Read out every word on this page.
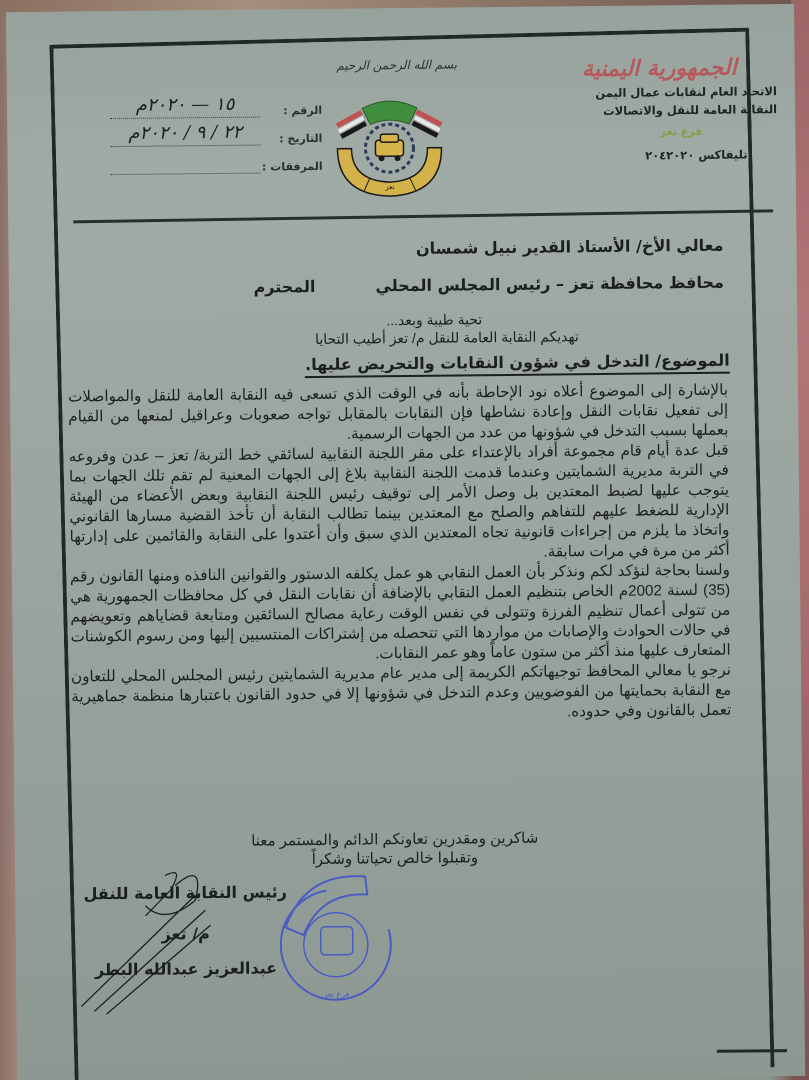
الجمهورية اليمنية
الاتحاد العام لنقابات عمال اليمن
النقابة العامة للنقل والاتصالات
فرع تعز
تليفاكس ٢٠٤٢٠٢٠
بسم الله الرحمن الرحيم
تعز
الرقم :
١٥ — ٢٠٢٠م
التاريخ :
٢٢ / ٩ / ٢٠٢٠م
المرفقات :
معالي الأخ/ الأستاذ القدير نبيل شمسان
محافظ محافظة تعز – رئيس المجلس المحلي
المحترم
تحية طيبة وبعد...
تهديكم النقابة العامة للنقل م/ تعز أطيب التحايا
الموضوع/ التدخل في شؤون النقابات والتحريض عليها.

بالإشارة إلى الموضوع أعلاه نود الإحاطة بأنه في الوقت الذي تسعى فيه النقابة العامة للنقل والمواصلات إلى تفعيل نقابات النقل وإعادة نشاطها فإن النقابات بالمقابل تواجه صعوبات وعراقيل لمنعها من القيام بعملها بسبب التدخل في شؤونها من عدد من الجهات الرسمية.

قبل عدة أيام قام مجموعة أفراد بالإعتداء على مقر اللجنة النقابية لسائقي خط التربة/ تعز – عدن وفروعه في التربة مديرية الشمايتين وعندما قدمت اللجنة النقابية بلاغ إلى الجهات المعنية لم تقم تلك الجهات بما يتوجب عليها لضبط المعتدين بل وصل الأمر إلى توقيف رئيس اللجنة النقابية وبعض الأعضاء من الهيئة الإدارية للضغط عليهم للتفاهم والصلح مع المعتدين بينما تطالب النقابة أن تأخذ القضية مسارها القانوني واتخاذ ما يلزم من إجراءات قانونية تجاه المعتدين الذي سبق وأن أعتدوا على النقابة والقائمين على إدارتها أكثر من مرة في مرات سابقة.

ولسنا بحاجة لنؤكد لكم ونذكر بأن العمل النقابي هو عمل يكلفه الدستور والقوانين النافذه ومنها القانون رقم (35) لسنة 2002م الخاص بتنظيم العمل النقابي بالإضافة أن نقابات النقل في كل محافظات الجمهورية هي من تتولى أعمال تنظيم الفرزة وتتولى في نفس الوقت رعاية مصالح السائقين ومتابعة قضاياهم وتعويضهم في حالات الحوادث والإصابات من مواردها التي تتحصله من إشتراكات المنتسبين إليها ومن رسوم الكوشنات المتعارف عليها منذ أكثر من ستون عاماً وهو عمر النقابات.

نرجو يا معالي المحافظ توجيهاتكم الكريمة إلى مدير عام مديرية الشمايتين رئيس المجلس المحلي للتعاون مع النقابة بحمايتها من الفوضويين وعدم التدخل في شؤونها إلا في حدود القانون باعتبارها منظمة جماهيرية تعمل بالقانون وفي حدوده.

شاكرين ومقدرين تعاونكم الدائم والمستمر معنا
وتقبلوا خالص تحياتنا وشكراً
رئيس النقابة العامة للنقل
م/ تعز
عبدالعزيز عبدالله البطر
فرع تعز
